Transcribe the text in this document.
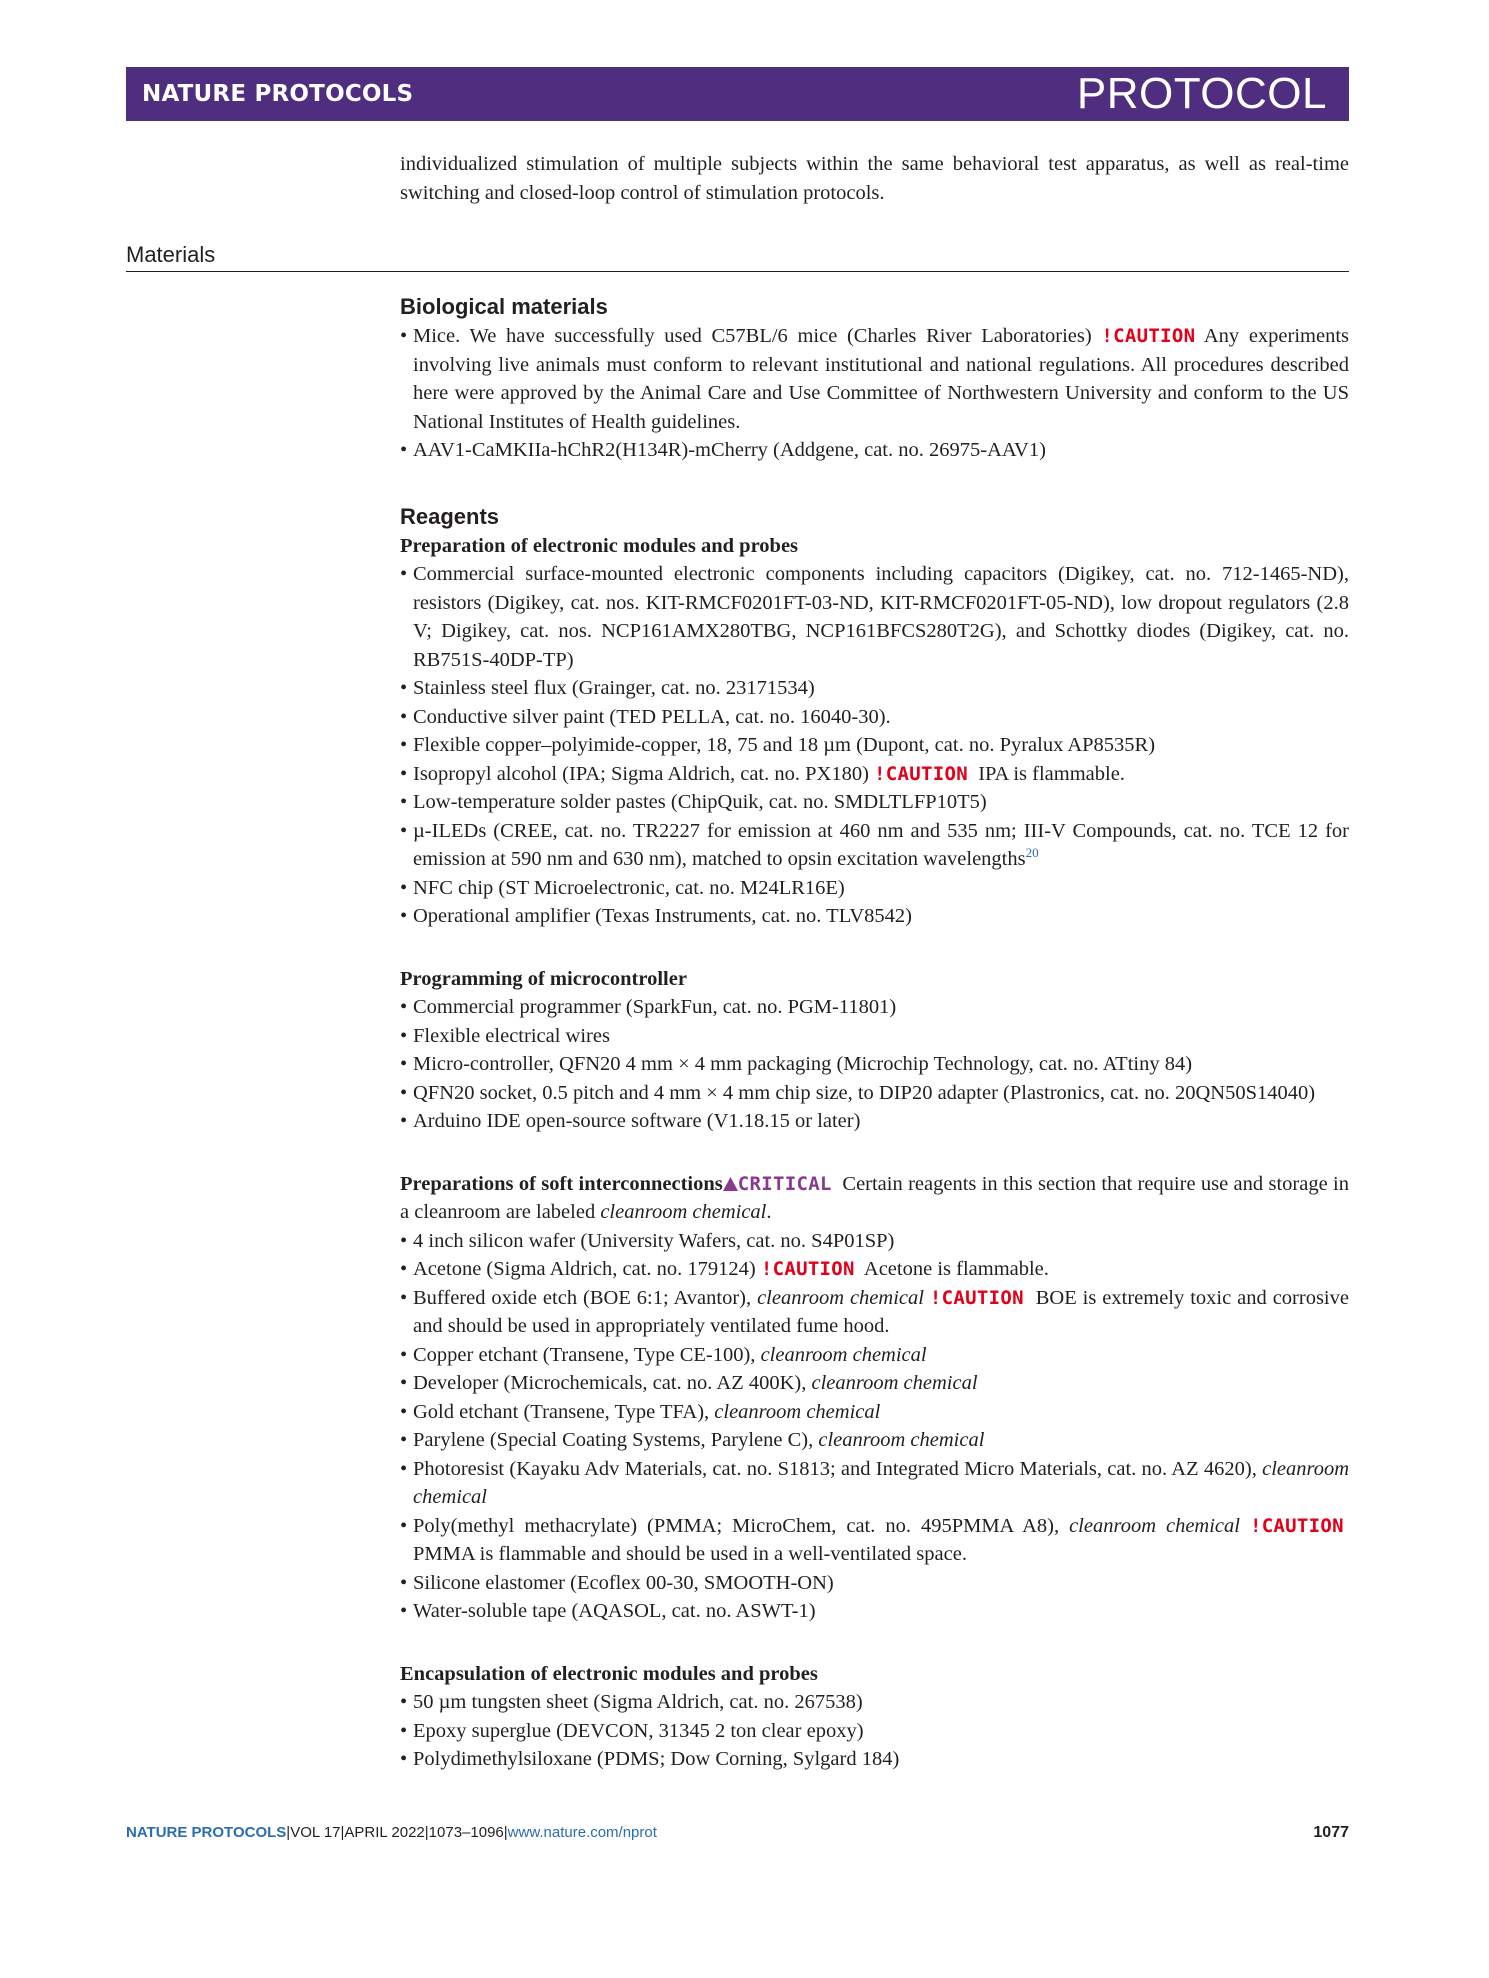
NATURE PROTOCOLS	PROTOCOL

individualized stimulation of multiple subjects within the same behavioral test apparatus, as well as real-time switching and closed-loop control of stimulation protocols.

Materials
Biological materials
• Mice. We have successfully used C57BL/6 mice (Charles River Laboratories) !CAUTION Any experiments involving live animals must conform to relevant institutional and national regulations. All procedures described here were approved by the Animal Care and Use Committee of Northwestern University and conform to the US National Institutes of Health guidelines.
• AAV1-CaMKIIa-hChR2(H134R)-mCherry (Addgene, cat. no. 26975-AAV1)
Reagents

Preparation of electronic modules and probes

• Commercial surface-mounted electronic components including capacitors (Digikey, cat. no. 712-1465-ND), resistors (Digikey, cat. nos. KIT-RMCF0201FT-03-ND, KIT-RMCF0201FT-05-ND), low dropout regulators (2.8 V; Digikey, cat. nos. NCP161AMX280TBG, NCP161BFCS280T2G), and Schottky diodes (Digikey, cat. no. RB751S-40DP-TP)
• Stainless steel flux (Grainger, cat. no. 23171534)
• Conductive silver paint (TED PELLA, cat. no. 16040-30).
• Flexible copper–polyimide-copper, 18, 75 and 18 µm (Dupont, cat. no. Pyralux AP8535R)
• Isopropyl alcohol (IPA; Sigma Aldrich, cat. no. PX180) !CAUTION IPA is flammable.
• Low-temperature solder pastes (ChipQuik, cat. no. SMDLTLFP10T5)
• µ-ILEDs (CREE, cat. no. TR2227 for emission at 460 nm and 535 nm; III-V Compounds, cat. no. TCE 12 for emission at 590 nm and 630 nm), matched to opsin excitation wavelengths$^{20}$
• NFC chip (ST Microelectronic, cat. no. M24LR16E)
• Operational amplifier (Texas Instruments, cat. no. TLV8542)

Programming of microcontroller

• Commercial programmer (SparkFun, cat. no. PGM-11801)
• Flexible electrical wires
• Micro-controller, QFN20 4 mm × 4 mm packaging (Microchip Technology, cat. no. ATtiny 84)
• QFN20 socket, 0.5 pitch and 4 mm × 4 mm chip size, to DIP20 adapter (Plastronics, cat. no. 20QN50S14040)
• Arduino IDE open-source software (V1.18.15 or later)

Preparations of soft interconnections CRITICAL Certain reagents in this section that require use and storage in a cleanroom are labeled cleanroom chemical.

• 4 inch silicon wafer (University Wafers, cat. no. S4P01SP)
• Acetone (Sigma Aldrich, cat. no. 179124) !CAUTION Acetone is flammable.
• Buffered oxide etch (BOE 6:1; Avantor), cleanroom chemical !CAUTION BOE is extremely toxic and corrosive and should be used in appropriately ventilated fume hood.
• Copper etchant (Transene, Type CE-100), cleanroom chemical
• Developer (Microchemicals, cat. no. AZ 400K), cleanroom chemical
• Gold etchant (Transene, Type TFA), cleanroom chemical
• Parylene (Special Coating Systems, Parylene C), cleanroom chemical
• Photoresist (Kayaku Adv Materials, cat. no. S1813; and Integrated Micro Materials, cat. no. AZ 4620), cleanroom chemical
• Poly(methyl methacrylate) (PMMA; MicroChem, cat. no. 495PMMA A8), cleanroom chemical !CAUTION  PMMA is flammable and should be used in a well-ventilated space.
• Silicone elastomer (Ecoflex 00-30, SMOOTH-ON)
• Water-soluble tape (AQASOL, cat. no. ASWT-1)

Encapsulation of electronic modules and probes

• 50 µm tungsten sheet (Sigma Aldrich, cat. no. 267538)
• Epoxy superglue (DEVCON, 31345 2 ton clear epoxy)
• Polydimethylsiloxane (PDMS; Dow Corning, Sylgard 184)
NATURE PROTOCOLS|VOL 17|APRIL 2022|1073–1096|www.nature.com/nprot	1077
